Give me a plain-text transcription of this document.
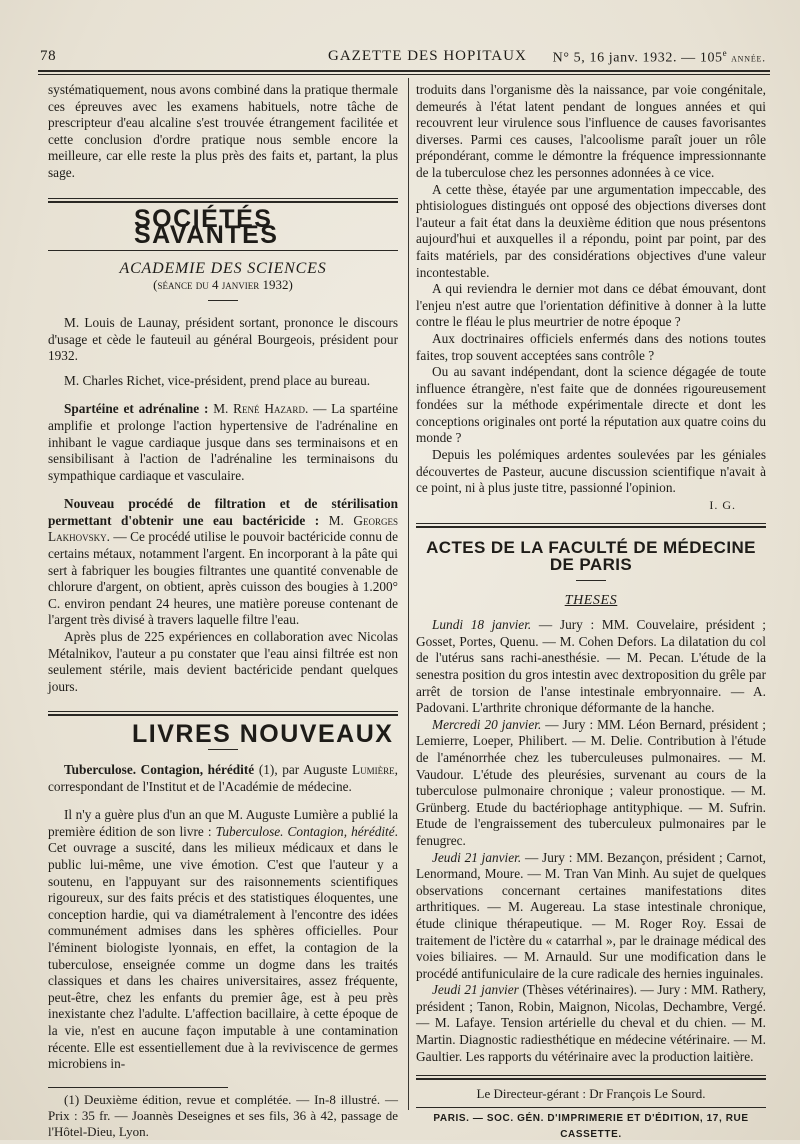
78	GAZETTE DES HOPITAUX N° 5, 16 janv. 1932. — 105e année.

systématiquement, nous avons combiné dans la pratique thermale ces épreuves avec les examens habituels, notre tâche de prescripteur d'eau alcaline s'est trouvée étrangement facilitée et cette conclusion d'ordre pratique nous semble encore la meilleure, car elle reste la plus près des faits et, partant, la plus sage.

SOCIÉTÉS SAVANTES

ACADEMIE DES SCIENCES

(séance du 4 janvier 1932)

M. Louis de Launay, président sortant, prononce le discours d'usage et cède le fauteuil au général Bourgeois, président pour 1932.

M. Charles Richet, vice-président, prend place au bureau.

Spartéine et adrénaline : M. René Hazard. — La spartéine amplifie et prolonge l'action hypertensive de l'adrénaline en inhibant le vague cardiaque jusque dans ses terminaisons et en sensibilisant à l'action de l'adrénaline les terminaisons du sympathique cardiaque et vasculaire.

Nouveau procédé de filtration et de stérilisation permettant d'obtenir une eau bactéricide : M. Georges Lakhovsky. — Ce procédé utilise le pouvoir bactéricide connu de certains métaux, notamment l'argent. En incorporant à la pâte qui sert à fabriquer les bougies filtrantes une quantité convenable de chlorure d'argent, on obtient, après cuisson des bougies à 1.200° C. environ pendant 24 heures, une matière poreuse contenant de l'argent très divisé à travers laquelle filtre l'eau.

Après plus de 225 expériences en collaboration avec Nicolas Métalnikov, l'auteur a pu constater que l'eau ainsi filtrée est non seulement stérile, mais devient bactéricide pendant quelques jours.

LIVRES NOUVEAUX

Tuberculose. Contagion, hérédité (1), par Auguste Lumière, correspondant de l'Institut et de l'Académie de médecine.

Il n'y a guère plus d'un an que M. Auguste Lumière a publié la première édition de son livre : Tuberculose. Contagion, hérédité. Cet ouvrage a suscité, dans les milieux médicaux et dans le public lui-même, une vive émotion. C'est que l'auteur y a soutenu, en l'appuyant sur des raisonnements scientifiques rigoureux, sur des faits précis et des statistiques éloquentes, une conception hardie, qui va diamétralement à l'encontre des idées communément admises dans les sphères officielles. Pour l'éminent biologiste lyonnais, en effet, la contagion de la tuberculose, enseignée comme un dogme dans les traités classiques et dans les chaires universitaires, assez fréquente, peut-être, chez les enfants du premier âge, est à peu près inexistante chez l'adulte. L'affection bacillaire, à cette époque de la vie, n'est en aucune façon imputable à une contamination récente. Elle est essentiellement due à la reviviscence de germes microbiens in-

(1) Deuxième édition, revue et complétée. — In-8 illustré. — Prix : 35 fr. — Joannès Deseignes et ses fils, 36 à 42, passage de l'Hôtel-Dieu, Lyon.

troduits dans l'organisme dès la naissance, par voie congénitale, demeurés à l'état latent pendant de longues années et qui recouvrent leur virulence sous l'influence de causes favorisantes diverses. Parmi ces causes, l'alcoolisme paraît jouer un rôle prépondérant, comme le démontre la fréquence impressionnante de la tuberculose chez les personnes adonnées à ce vice.

A cette thèse, étayée par une argumentation impeccable, des phtisiologues distingués ont opposé des objections diverses dont l'auteur a fait état dans la deuxième édition que nous présentons aujourd'hui et auxquelles il a répondu, point par point, par des faits matériels, par des considérations objectives d'une valeur incontestable.

A qui reviendra le dernier mot dans ce débat émouvant, dont l'enjeu n'est autre que l'orientation définitive à donner à la lutte contre le fléau le plus meurtrier de notre époque ?

Aux doctrinaires officiels enfermés dans des notions toutes faites, trop souvent acceptées sans contrôle ?

Ou au savant indépendant, dont la science dégagée de toute influence étrangère, n'est faite que de données rigoureusement fondées sur la méthode expérimentale directe et dont les conceptions originales ont porté la réputation aux quatre coins du monde ?

Depuis les polémiques ardentes soulevées par les géniales découvertes de Pasteur, aucune discussion scientifique n'avait à ce point, ni à plus juste titre, passionné l'opinion.

I. G.

ACTES DE LA FACULTÉ DE MÉDECINE DE PARIS

THESES

Lundi 18 janvier. — Jury : MM. Couvelaire, président ; Gosset, Portes, Quenu. — M. Cohen Defors. La dilatation du col de l'utérus sans rachi-anesthésie. — M. Pecan. L'étude de la senestra position du gros intestin avec dextroposition du grêle par arrêt de torsion de l'anse intestinale embryonnaire. — A. Padovani. L'arthrite chronique déformante de la hanche.

Mercredi 20 janvier. — Jury : MM. Léon Bernard, président ; Lemierre, Loeper, Philibert. — M. Delie. Contribution à l'étude de l'aménorrhée chez les tuberculeuses pulmonaires. — M. Vaudour. L'étude des pleurésies, survenant au cours de la tuberculose pulmonaire chronique ; valeur pronostique. — M. Grünberg. Etude du bactériophage antityphique. — M. Sufrin. Etude de l'engraissement des tuberculeux pulmonaires par le fenugrec.

Jeudi 21 janvier. — Jury : MM. Bezançon, président ; Carnot, Lenormand, Moure. — M. Tran Van Minh. Au sujet de quelques observations concernant certaines manifestations dites arthritiques. — M. Augereau. La stase intestinale chronique, étude clinique thérapeutique. — M. Roger Roy. Essai de traitement de l'ictère du « catarrhal », par le drainage médical des voies biliaires. — M. Arnauld. Sur une modification dans le procédé antifuniculaire de la cure radicale des hernies inguinales.

Jeudi 21 janvier (Thèses vétérinaires). — Jury : MM. Rathery, président ; Tanon, Robin, Maignon, Nicolas, Dechambre, Vergé. — M. Lafaye. Tension artérielle du cheval et du chien. — M. Martin. Diagnostic radiesthétique en médecine vétérinaire. — M. Gaultier. Les rapports du vétérinaire avec la production laitière.

Le Directeur-gérant : Dr François Le Sourd.

PARIS. — SOC. GÉN. D'IMPRIMERIE ET D'ÉDITION, 17, RUE CASSETTE.
